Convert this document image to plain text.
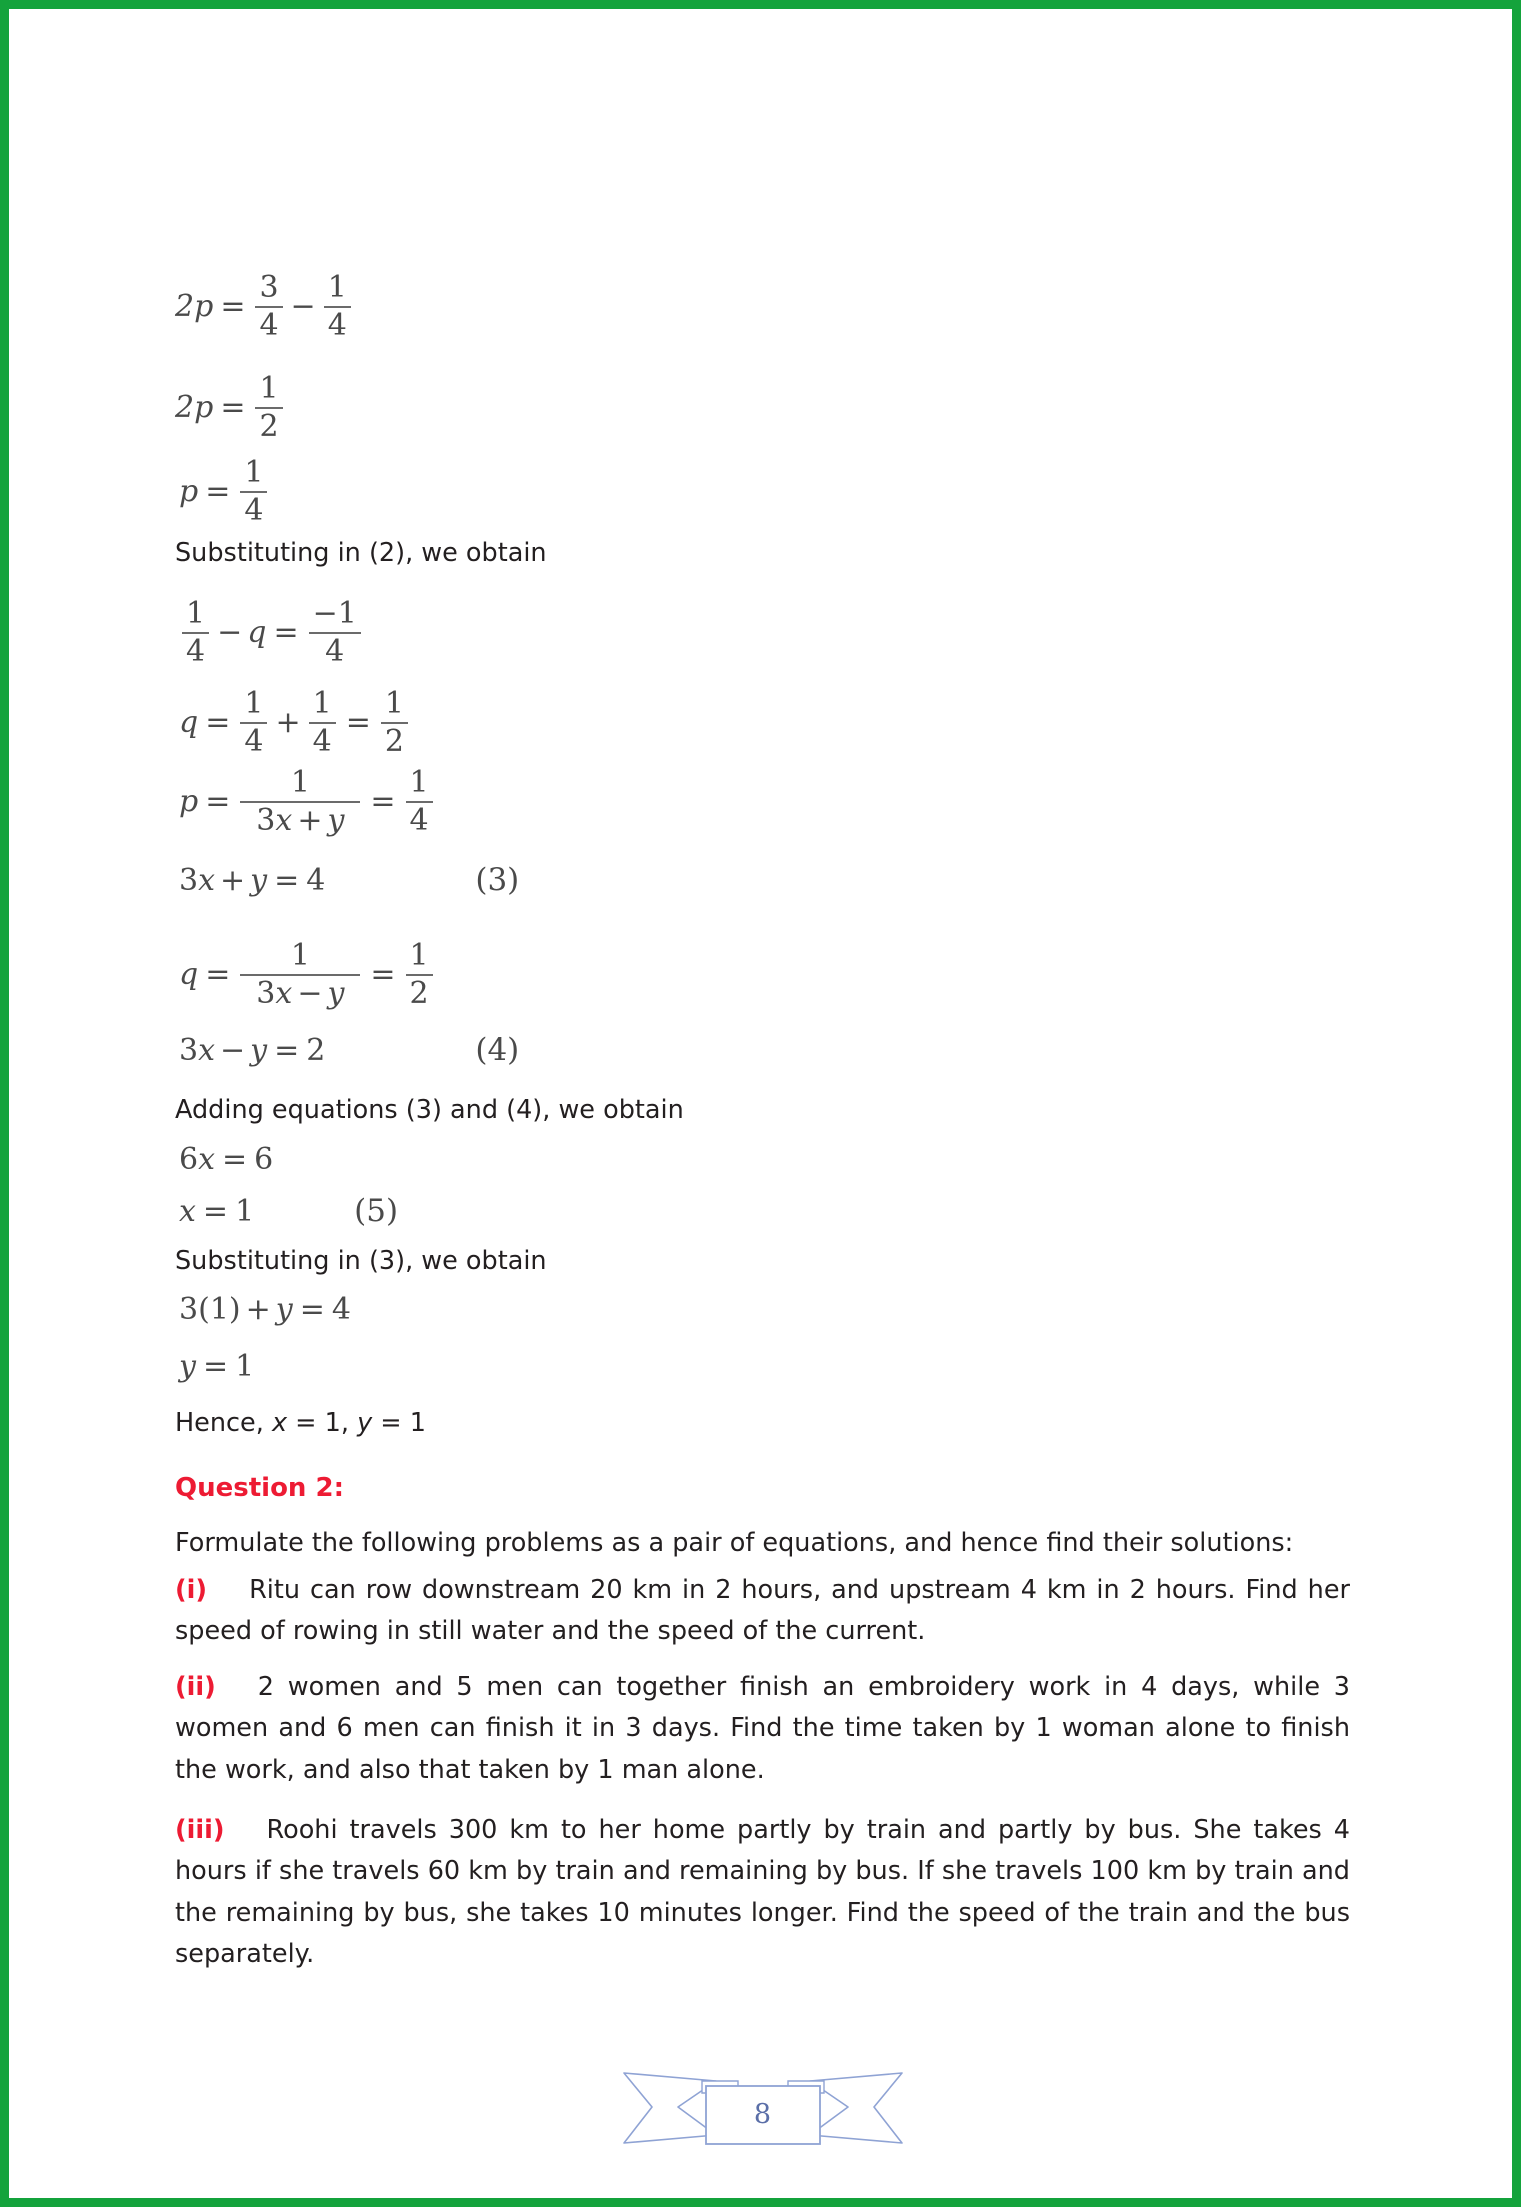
2 $p = \frac{3}{4} - \frac{1}{4}$
2 $p = \frac{1}{2}$
$p = \frac{1}{4}$
Substituting in (2), we obtain
$\frac{1}{4} - q = \frac{-1}{4}$
$q = \frac{1}{4} + \frac{1}{4} = \frac{1}{2}$
$p = \frac{1}{3x + y} = \frac{1}{4}$
3 x + y = 4	(3)
$q = \frac{1}{3x - y} = \frac{1}{2}$
3 x − y = 2	(4)
Adding equations (3) and (4), we obtain
6 x = 6
x = 1	(5)
Substituting in (3), we obtain
3 ( 1 ) + y = 4
y = 1
Hence, x = 1, y = 1
Question 2:
Formulate the following problems as a pair of equations, and hence find their solutions:
(i) Ritu can row downstream 20 km in 2 hours, and upstream 4 km in 2 hours. Find her speed of rowing in still water and the speed of the current.
(ii) 2 women and 5 men can together finish an embroidery work in 4 days, while 3 women and 6 men can finish it in 3 days. Find the time taken by 1 woman alone to finish the work, and also that taken by 1 man alone.
(iii) Roohi travels 300 km to her home partly by train and partly by bus. She takes 4 hours if she travels 60 km by train and remaining by bus. If she travels 100 km by train and the remaining by bus, she takes 10 minutes longer. Find the speed of the train and the bus separately.
8
